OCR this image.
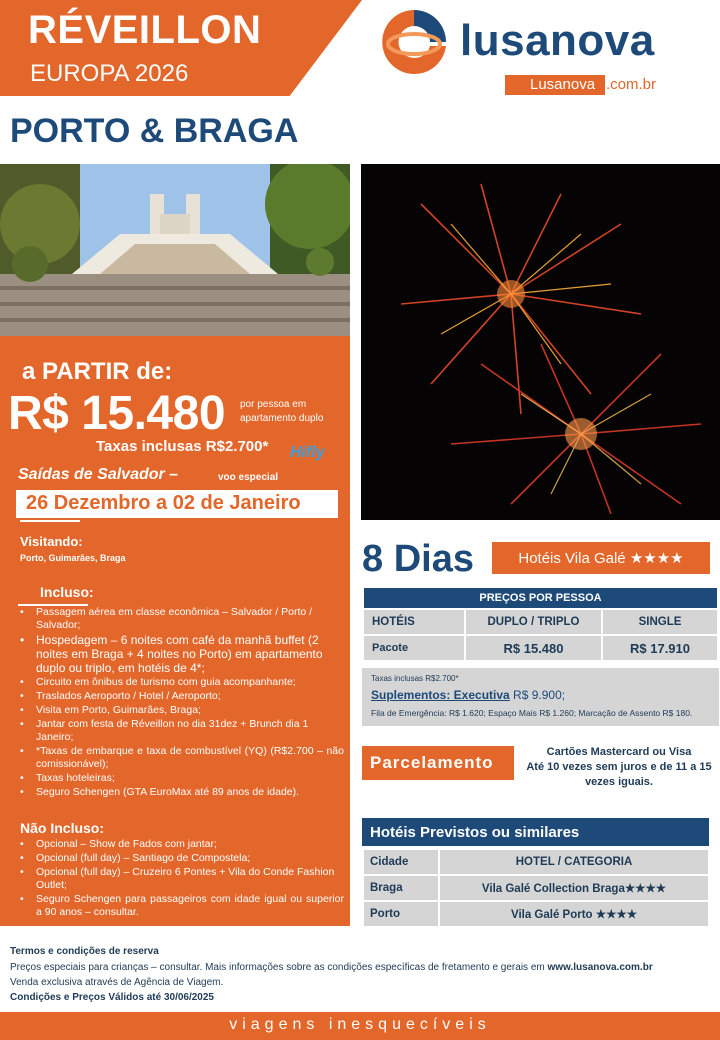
RÉVEILLON
EUROPA 2026
lusanova
Lusanova .com.br
PORTO & BRAGA
a PARTIR de:
R$ 15.480 por pessoa em
apartamento duplo
Taxas inclusas R$2.700* Hifly
Saídas de Salvador –	voo especial
26 Dezembro a 02 de Janeiro
Visitando:
Porto, Guimarães, Braga
Incluso:
• Passagem aérea em classe econômica – Salvador / Porto / Salvador;
• Hospedagem – 6 noites com café da manhã buffet (2 noites em Braga + 4 noites no Porto) em apartamento duplo ou triplo, em hotéis de 4*;
• Circuito em ônibus de turismo com guia acompanhante;
• Traslados Aeroporto / Hotel / Aeroporto;
• Visita em Porto, Guimarães, Braga;
• Jantar com festa de Réveillon no dia 31dez + Brunch dia 1 Janeiro;
• *Taxas de embarque e taxa de combustível (YQ) (R$2.700 – não comissionável);
• Taxas hoteleiras;
• Seguro Schengen (GTA EuroMax até 89 anos de idade).
Não Incluso:
• Opcional – Show de Fados com jantar;
• Opcional (full day) – Santiago de Compostela;
• Opcional (full day) – Cruzeiro 6 Pontes + Vila do Conde Fashion Outlet;
• Seguro Schengen para passageiros com idade igual ou superior a 90 anos – consultar.
8 Dias	Hotéis Vila Galé ★★★★
PREÇOS POR PESSOA		
HOTÉIS	DUPLO / TRIPLO	SINGLE
Pacote	R$ 15.480	R$ 17.910
Taxas inclusas R$2.700*
Suplementos: Executiva R$ 9.900;
Fila de Emergência: R$ 1.620; Espaço Mais R$ 1.260; Marcação de Assento R$ 180.
Parcelamento
Cartões Mastercard ou Visa
Até 10 vezes sem juros e de 11 a 15
vezes iguais.
Hotéis Previstos ou similares
Cidade	HOTEL / CATEGORIA
Braga	Vila Galé Collection Braga★★★★
Porto	Vila Galé Porto ★★★★
Termos e condições de reserva
Preços especiais para crianças – consultar. Mais informações sobre as condições específicas de fretamento e gerais em www.lusanova.com.br
Venda exclusiva através de Agência de Viagem.
Condições e Preços Válidos até 30/06/2025
viagens inesquecíveis
